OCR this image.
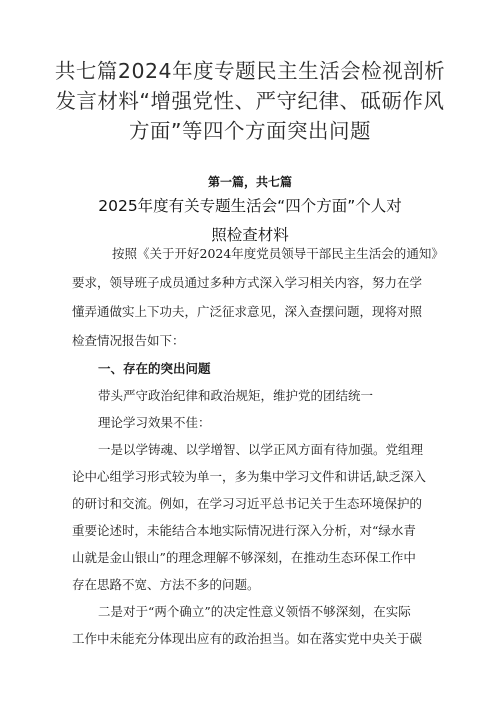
共七篇2024年度专题民主生活会检视剖析
发言材料“增强党性、严守纪律、砥砺作风
方面”等四个方面突出问题
第一篇，共七篇
2025年度有关专题生活会“四个方面”个人对
照检查材料
按照《关于开好2024年度党员领导干部民主生活会的通知》
要求，领导班子成员通过多种方式深入学习相关内容，努力在学
懂弄通做实上下功夫，广泛征求意见，深入查摆问题，现将对照
检查情况报告如下：
一、存在的突出问题
带头严守政治纪律和政治规矩，维护党的团结统一
理论学习效果不佳：
一是以学铸魂、以学增智、以学正风方面有待加强。党组理
论中心组学习形式较为单一，多为集中学习文件和讲话,缺乏深入
的研讨和交流。例如，在学习习近平总书记关于生态环境保护的
重要论述时，未能结合本地实际情况进行深入分析，对“绿水青
山就是金山银山”的理念理解不够深刻，在推动生态环保工作中
存在思路不宽、方法不多的问题。
二是对于“两个确立”的决定性意义领悟不够深刻，在实际
工作中未能充分体现出应有的政治担当。如在落实党中央关于碳
